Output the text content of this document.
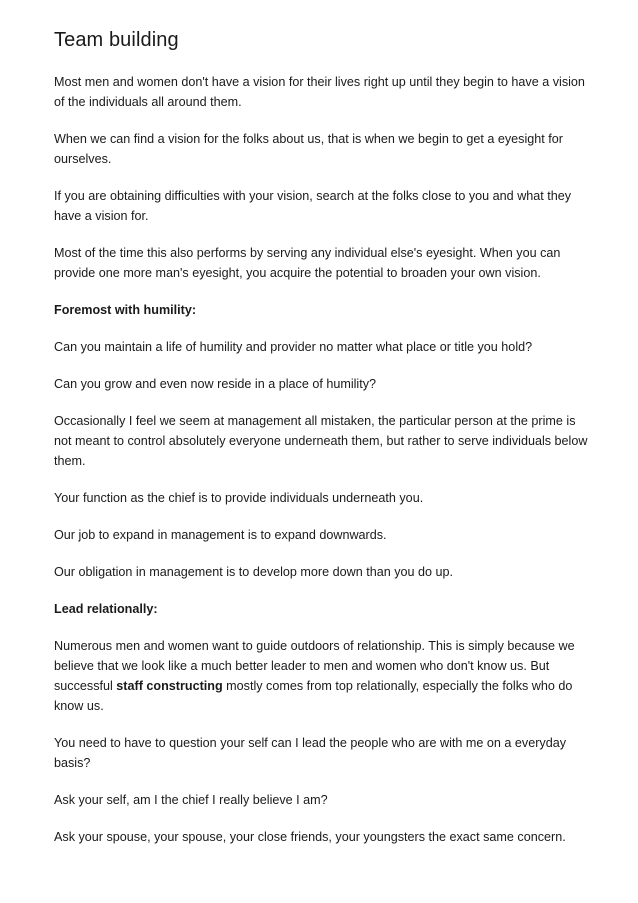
Team building

Most men and women don't have a vision for their lives right up until they begin to have a vision of the individuals all around them.

When we can find a vision for the folks about us, that is when we begin to get a eyesight for ourselves.

If you are obtaining difficulties with your vision, search at the folks close to you and what they have a vision for.

Most of the time this also performs by serving any individual else's eyesight. When you can provide one more man's eyesight, you acquire the potential to broaden your own vision.

Foremost with humility:

Can you maintain a life of humility and provider no matter what place or title you hold?

Can you grow and even now reside in a place of humility?

Occasionally I feel we seem at management all mistaken, the particular person at the prime is not meant to control absolutely everyone underneath them, but rather to serve individuals below them.

Your function as the chief is to provide individuals underneath you.

Our job to expand in management is to expand downwards.

Our obligation in management is to develop more down than you do up.

Lead relationally:

Numerous men and women want to guide outdoors of relationship. This is simply because we believe that we look like a much better leader to men and women who don't know us. But successful staff constructing mostly comes from top relationally, especially the folks who do know us.

You need to have to question your self can I lead the people who are with me on a everyday basis?

Ask your self, am I the chief I really believe I am?

Ask your spouse, your spouse, your close friends, your youngsters the exact same concern.
